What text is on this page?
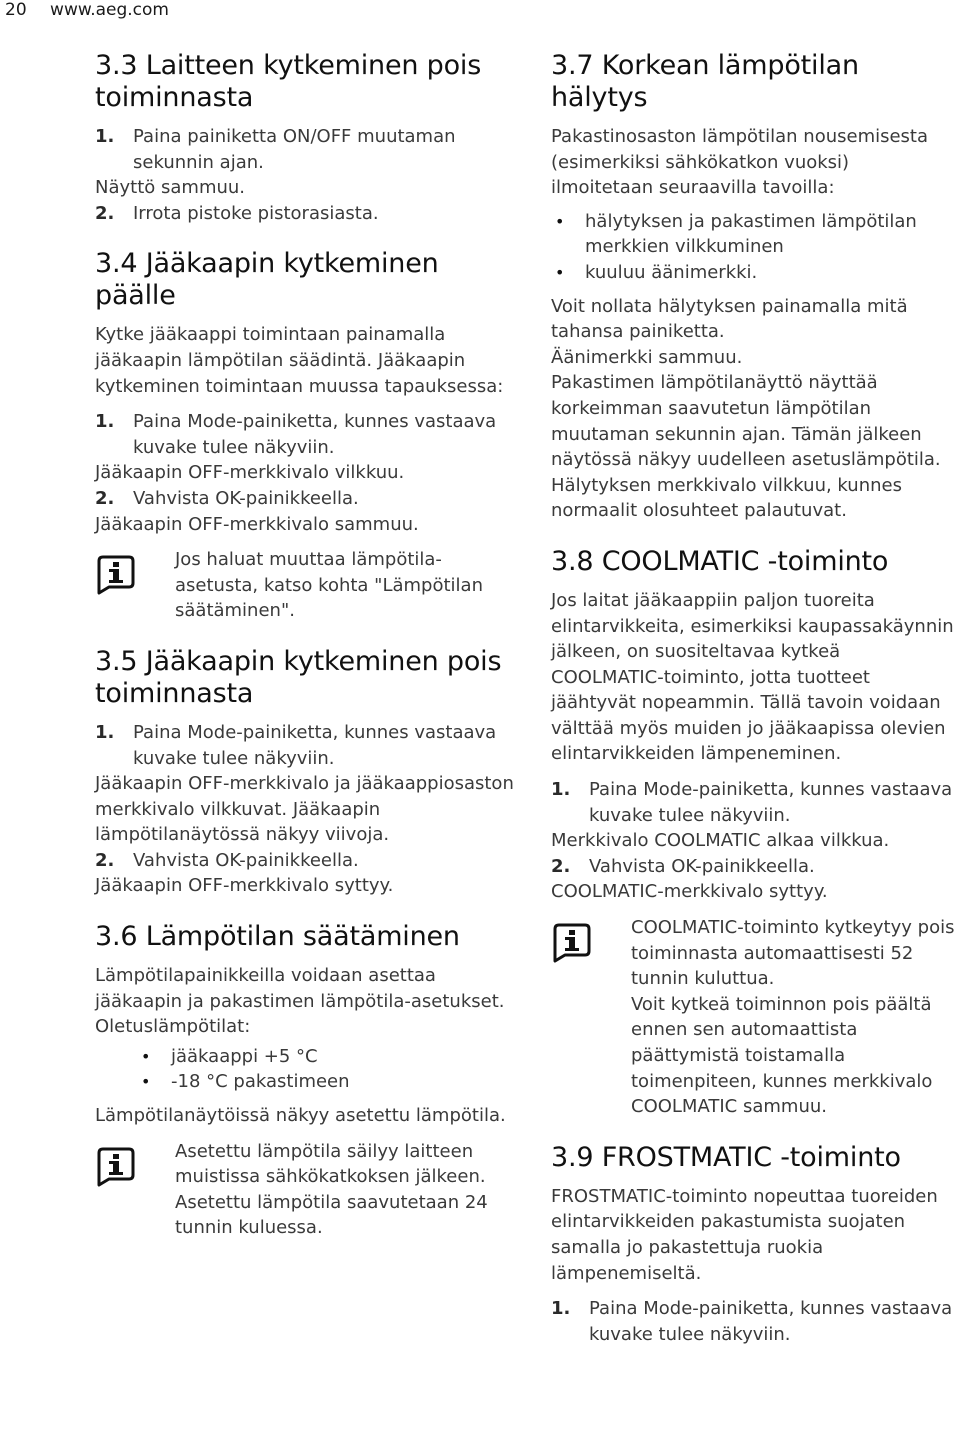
20 www.aeg.com
3.3 Laitteen kytkeminen pois toiminnasta
1.	Paina painiketta ON/OFF muutaman sekunnin ajan.

Näyttö sammuu.

2.	Irrota pistoke pistorasiasta.
3.4 Jääkaapin kytkeminen päälle

Kytke jääkaappi toimintaan painamalla jääkaapin lämpötilan säädintä. Jääkaapin kytkeminen toimintaan muussa tapauksessa:

1.	Paina Mode-painiketta, kunnes vastaava kuvake tulee näkyviin.

Jääkaapin OFF-merkkivalo vilkkuu.

2.	Vahvista OK-painikkeella.

Jääkaapin OFF-merkkivalo sammuu.

Jos haluat muuttaa lämpötila-asetusta, katso kohta "Lämpötilan säätäminen".

3.5 Jääkaapin kytkeminen pois toiminnasta
1.	Paina Mode-painiketta, kunnes vastaava kuvake tulee näkyviin.

Jääkaapin OFF-merkkivalo ja jääkaappiosaston merkkivalo vilkkuvat. Jääkaapin lämpötilanäytössä näkyy viivoja.

2.	Vahvista OK-painikkeella.

Jääkaapin OFF-merkkivalo syttyy.

3.6 Lämpötilan säätäminen

Lämpötilapainikkeilla voidaan asettaa jääkaapin ja pakastimen lämpötila-asetukset.

Oletuslämpötilat:

•	jääkaappi +5 °C
•	-18 °C pakastimeen

Lämpötilanäytöissä näkyy asetettu lämpötila.

Asetettu lämpötila säilyy laitteen muistissa sähkökatkoksen jälkeen. Asetettu lämpötila saavutetaan 24 tunnin kuluessa.

3.7 Korkean lämpötilan hälytys

Pakastinosaston lämpötilan nousemisesta (esimerkiksi sähkökatkon vuoksi) ilmoitetaan seuraavilla tavoilla:

•	hälytyksen ja pakastimen lämpötilan merkkien vilkkuminen
•	kuuluu äänimerkki.

Voit nollata hälytyksen painamalla mitä tahansa painiketta.

Äänimerkki sammuu.

Pakastimen lämpötilanäyttö näyttää korkeimman saavutetun lämpötilan muutaman sekunnin ajan. Tämän jälkeen näytössä näkyy uudelleen asetuslämpötila.

Hälytyksen merkkivalo vilkkuu, kunnes normaalit olosuhteet palautuvat.

3.8 COOLMATIC -toiminto

Jos laitat jääkaappiin paljon tuoreita elintarvikkeita, esimerkiksi kaupassakäynnin jälkeen, on suositeltavaa kytkeä COOLMATIC-toiminto, jotta tuotteet jäähtyvät nopeammin. Tällä tavoin voidaan välttää myös muiden jo jääkaapissa olevien elintarvikkeiden lämpeneminen.

1.	Paina Mode-painiketta, kunnes vastaava kuvake tulee näkyviin.

Merkkivalo COOLMATIC alkaa vilkkua.

2.	Vahvista OK-painikkeella.

COOLMATIC-merkkivalo syttyy.

COOLMATIC-toiminto kytkeytyy pois toiminnasta automaattisesti 52 tunnin kuluttua.

Voit kytkeä toiminnon pois päältä ennen sen automaattista päättymistä toistamalla toimenpiteen, kunnes merkkivalo COOLMATIC sammuu.

3.9 FROSTMATIC -toiminto

FROSTMATIC-toiminto nopeuttaa tuoreiden elintarvikkeiden pakastumista suojaten samalla jo pakastettuja ruokia lämpenemiseltä.

1.	Paina Mode-painiketta, kunnes vastaava kuvake tulee näkyviin.
